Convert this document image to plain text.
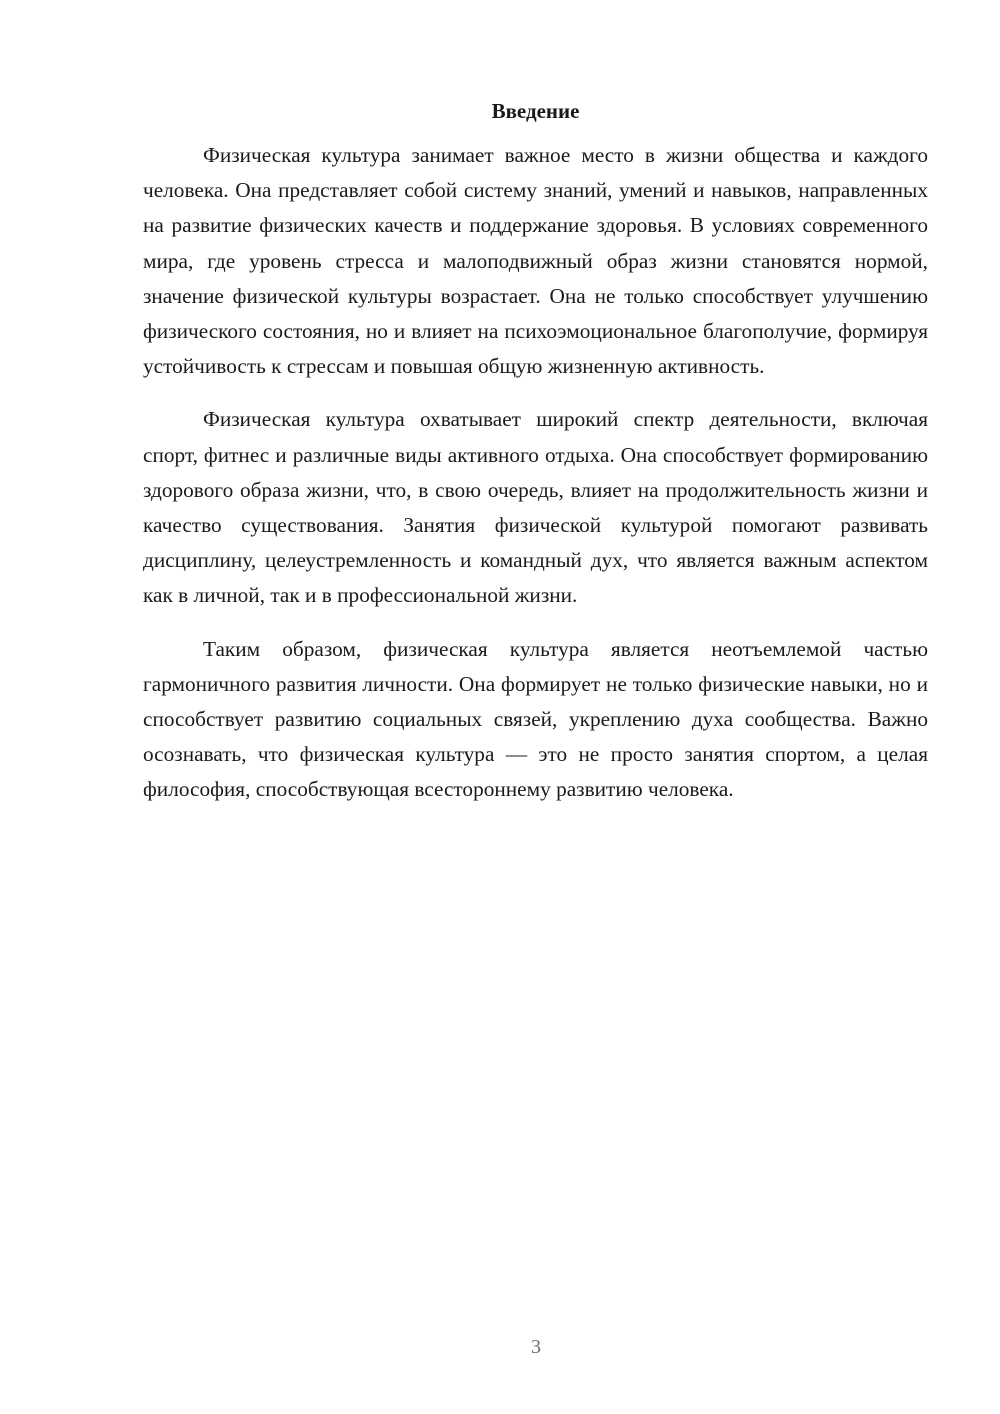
Введение

Физическая культура занимает важное место в жизни общества и каждого человека. Она представляет собой систему знаний, умений и навыков, направленных на развитие физических качеств и поддержание здоровья. В условиях современного мира, где уровень стресса и малоподвижный образ жизни становятся нормой, значение физической культуры возрастает. Она не только способствует улучшению физического состояния, но и влияет на психоэмоциональное благополучие, формируя устойчивость к стрессам и повышая общую жизненную активность.

Физическая культура охватывает широкий спектр деятельности, включая спорт, фитнес и различные виды активного отдыха. Она способствует формированию здорового образа жизни, что, в свою очередь, влияет на продолжительность жизни и качество существования. Занятия физической культурой помогают развивать дисциплину, целеустремленность и командный дух, что является важным аспектом как в личной, так и в профессиональной жизни.

Таким образом, физическая культура является неотъемлемой частью гармоничного развития личности. Она формирует не только физические навыки, но и способствует развитию социальных связей, укреплению духа сообщества. Важно осознавать, что физическая культура — это не просто занятия спортом, а целая философия, способствующая всестороннему развитию человека.

3
